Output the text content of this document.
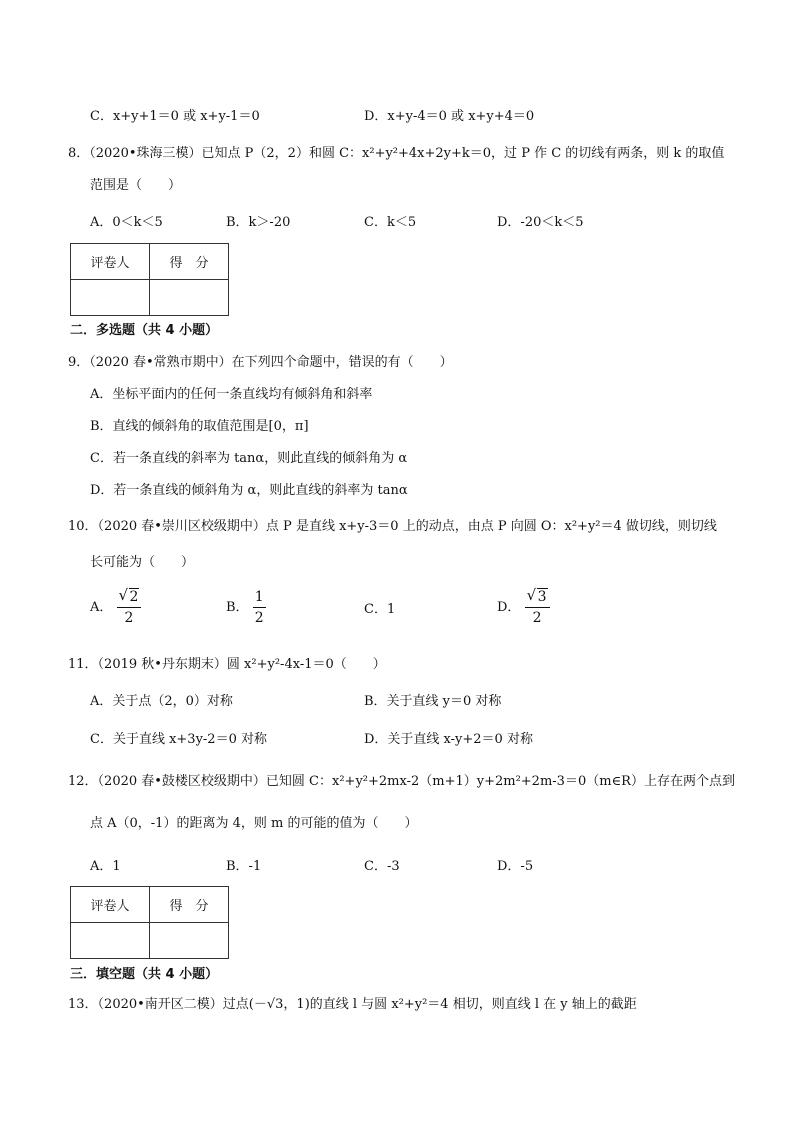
C．x+y+1＝0 或 x+y-1＝0	D．x+y-4＝0 或 x+y+4＝0
8．（2020•珠海三模）已知点 P（2，2）和圆 C：x²+y²+4x+2y+k＝0，过 P 作 C 的切线有两条，则 k 的取值
范围是（　　）
A．0＜k＜5	B．k＞-20	C．k＜5	D．-20＜k＜5
评卷人	得　分

二．多选题（共 4 小题）
9．（2020 春•常熟市期中）在下列四个命题中，错误的有（　　）
A．坐标平面内的任何一条直线均有倾斜角和斜率
B．直线的倾斜角的取值范围是[0，π]
C．若一条直线的斜率为 tanα，则此直线的倾斜角为 α
D．若一条直线的倾斜角为 α，则此直线的斜率为 tanα
10．（2020 春•崇川区校级期中）点 P 是直线 x+y-3＝0 上的动点，由点 P 向圆 O：x²+y²＝4 做切线，则切线
长可能为（　　）
A． √ $\frac{2}{2}$	B． $\frac{1}{2}$	C．1	D． √ $\frac{3}{2}$
11．（2019 秋•丹东期末）圆 x²+y²-4x-1＝0（　　）
A．关于点（2，0）对称	B．关于直线 y＝0 对称
C．关于直线 x+3y-2＝0 对称	D．关于直线 x-y+2＝0 对称
12．（2020 春•鼓楼区校级期中）已知圆 C：x²+y²+2mx-2（m+1）y+2m²+2m-3＝0（m∈R）上存在两个点到
点 A（0，-1）的距离为 4，则 m 的可能的值为（　　）
A．1	B．-1	C．-3	D．-5
评卷人	得　分

三．填空题（共 4 小题）
13．（2020•南开区二模）过点(－√3，1)的直线 l 与圆 x²+y²＝4 相切，则直线 l 在 y 轴上的截距
